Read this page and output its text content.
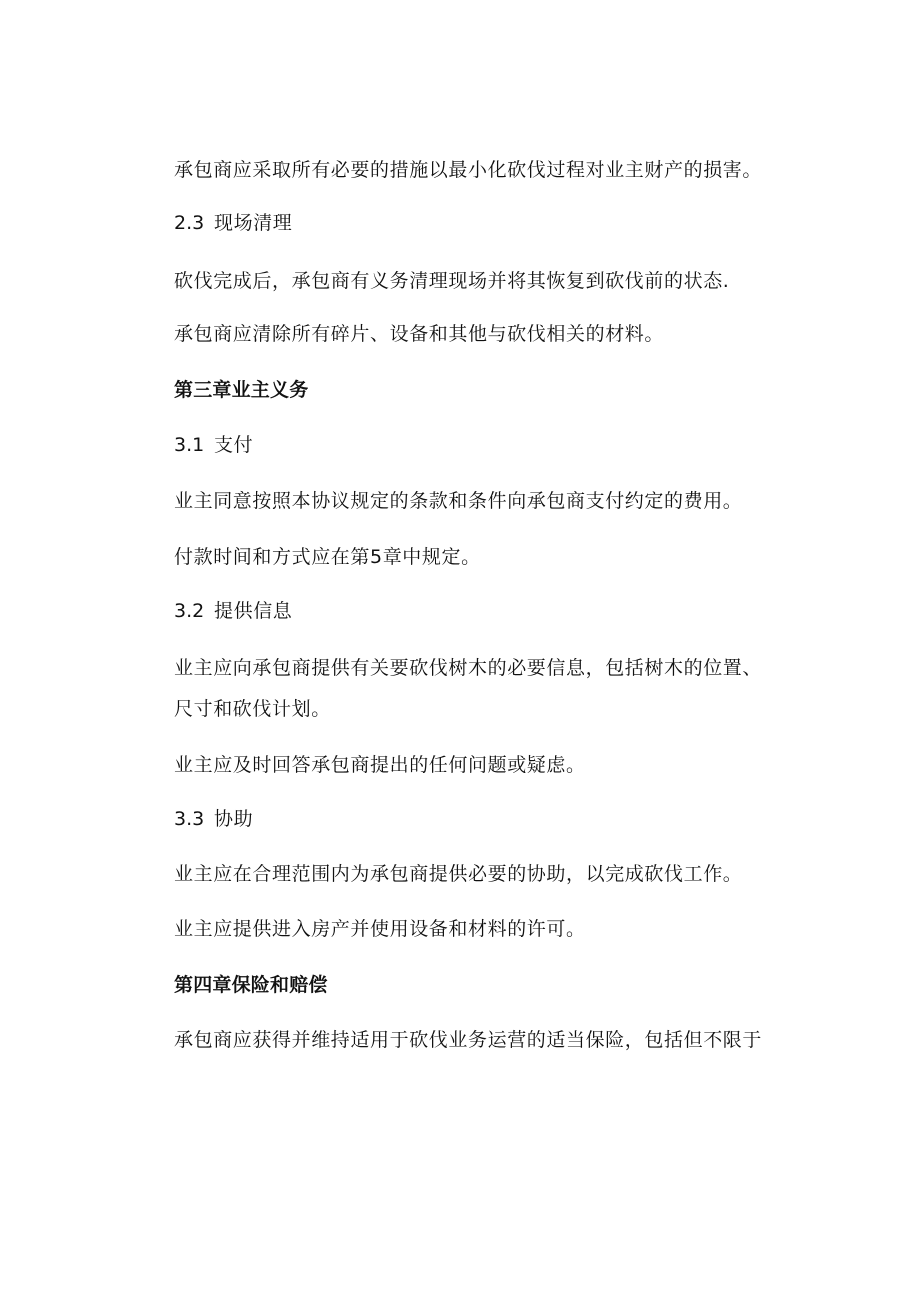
承包商应采取所有必要的措施以最小化砍伐过程对业主财产的损害。
2.3 现场清理
砍伐完成后，承包商有义务清理现场并将其恢复到砍伐前的状态.
承包商应清除所有碎片、设备和其他与砍伐相关的材料。
第三章业主义务
3.1 支付
业主同意按照本协议规定的条款和条件向承包商支付约定的费用。
付款时间和方式应在第5章中规定。
3.2 提供信息
业主应向承包商提供有关要砍伐树木的必要信息，包括树木的位置、
尺寸和砍伐计划。
业主应及时回答承包商提出的任何问题或疑虑。
3.3 协助
业主应在合理范围内为承包商提供必要的协助，以完成砍伐工作。
业主应提供进入房产并使用设备和材料的许可。
第四章保险和赔偿
承包商应获得并维持适用于砍伐业务运营的适当保险，包括但不限于
